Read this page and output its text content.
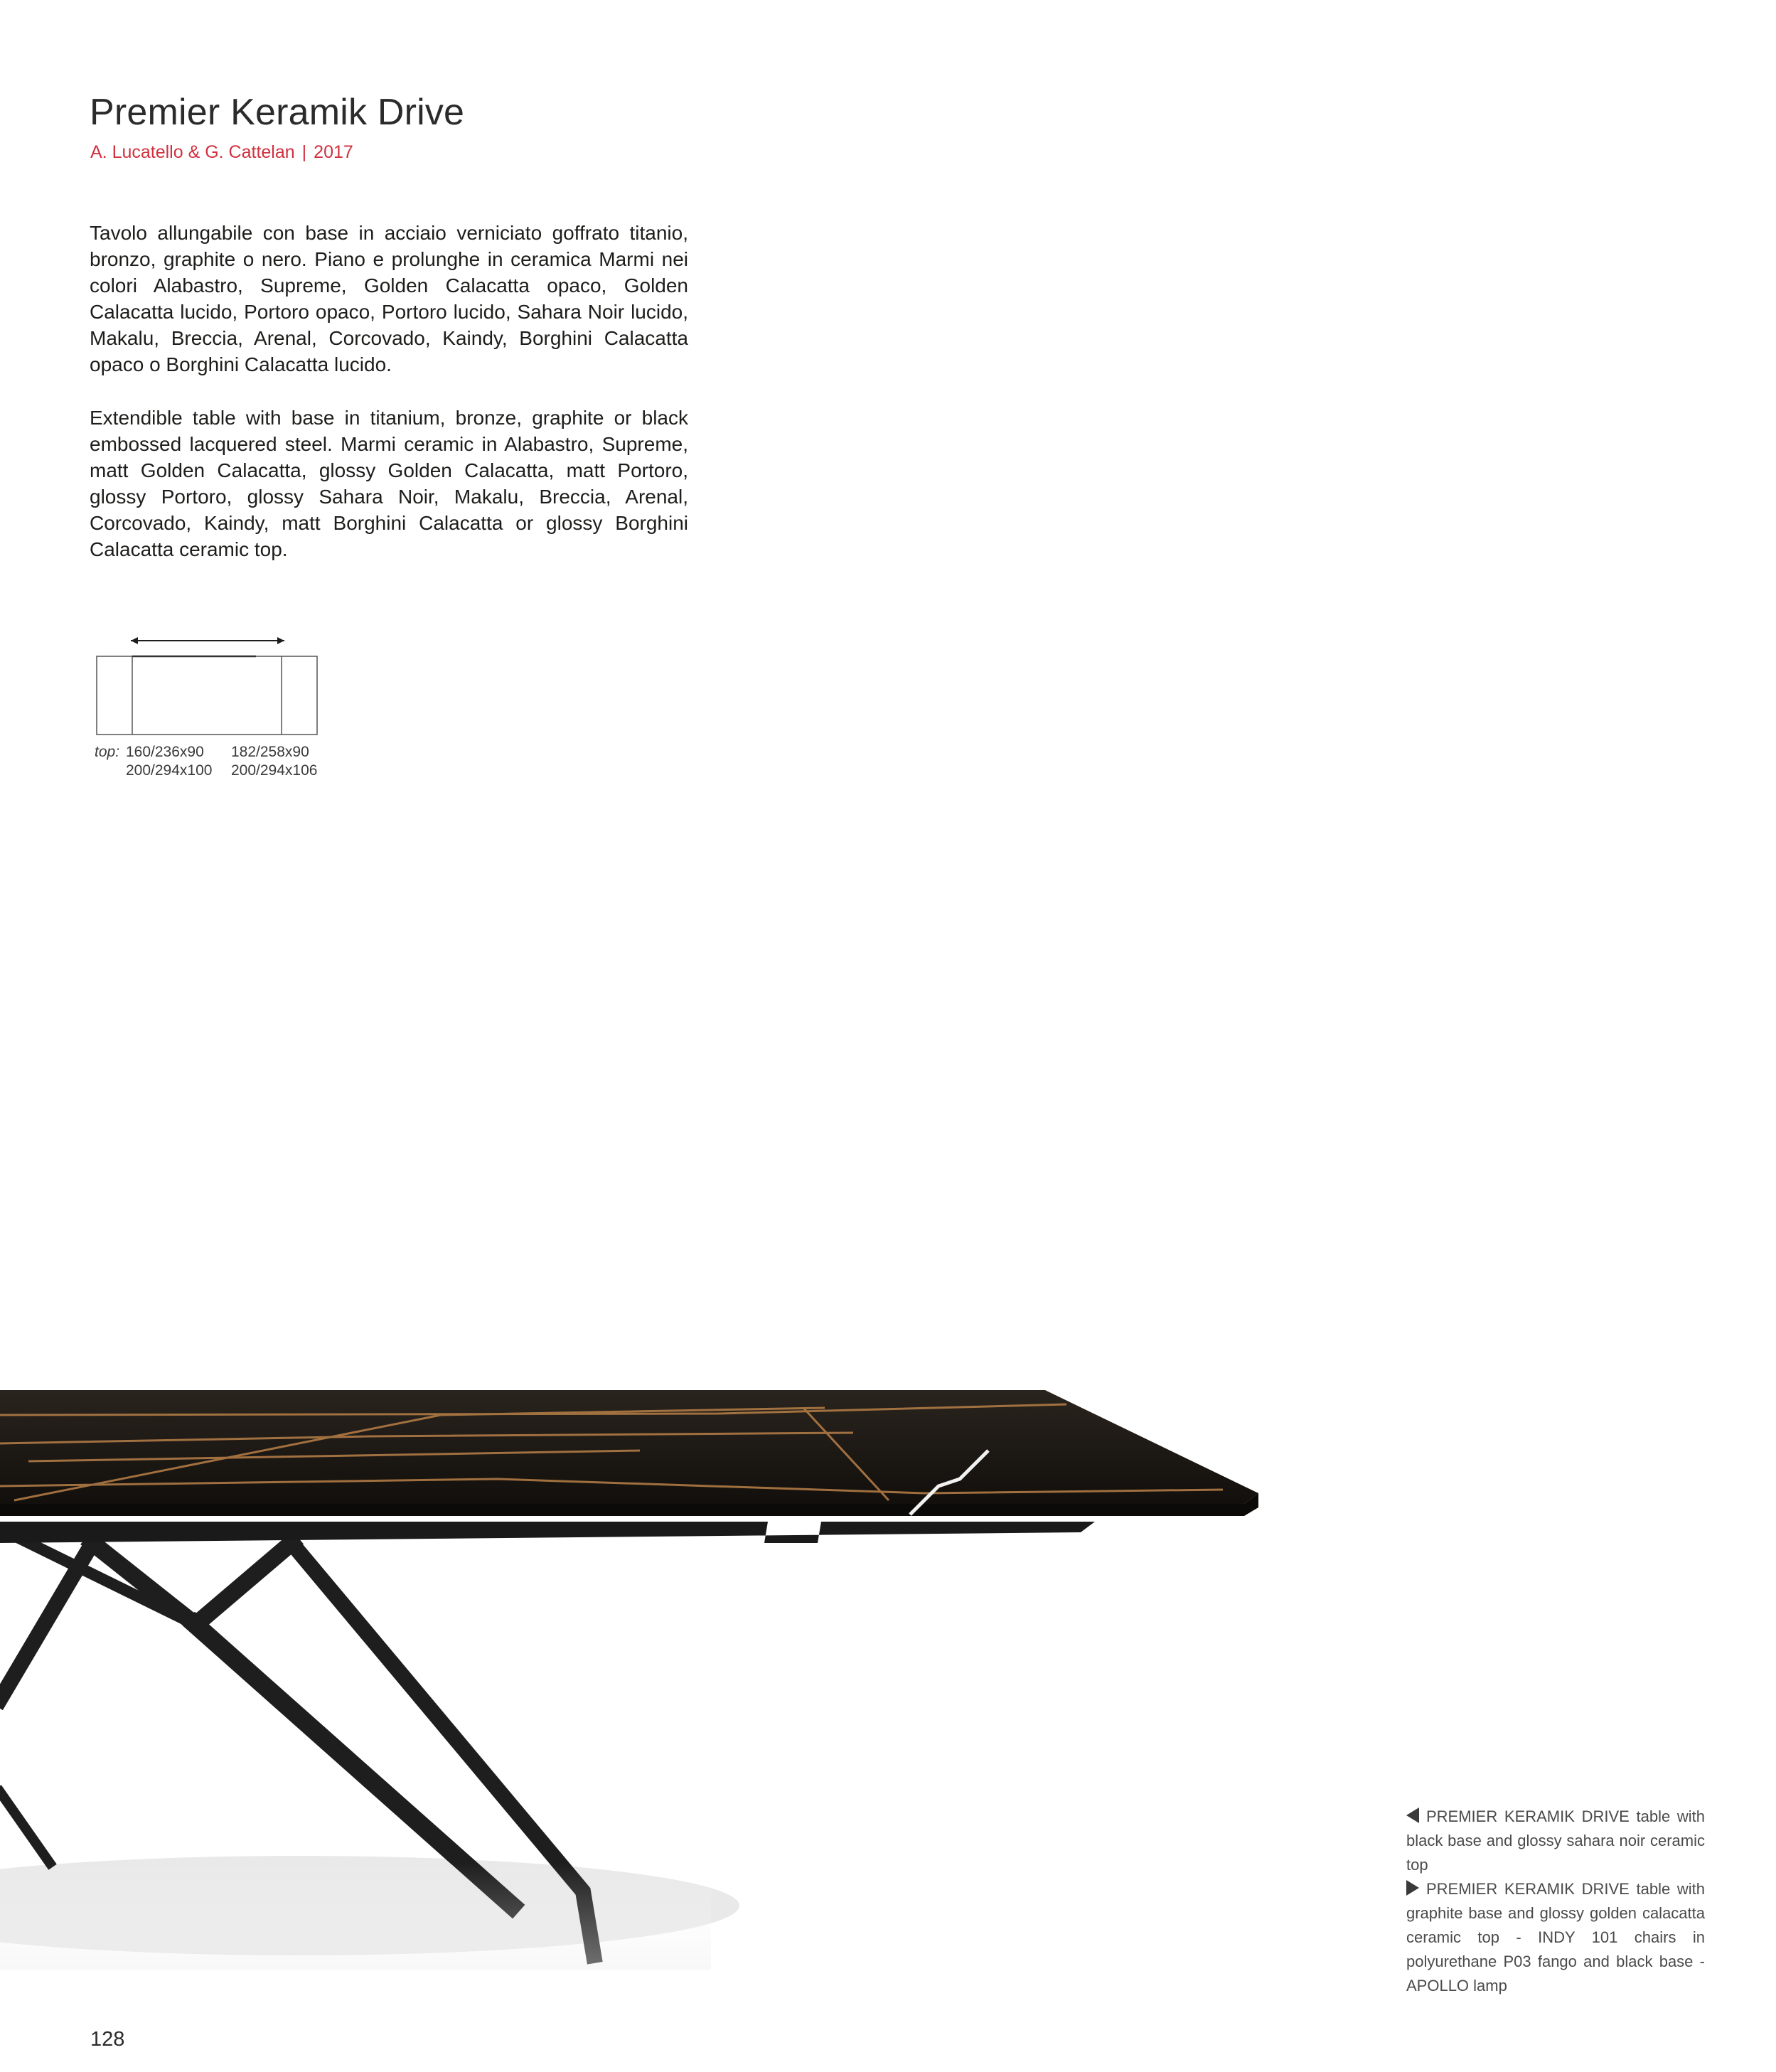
Premier Keramik Drive
A. Lucatello & G. Cattelan | 2017
Tavolo allungabile con base in acciaio verniciato goffrato titanio, bronzo, graphite o nero. Piano e prolunghe in ceramica Marmi nei colori Alabastro, Supreme, Golden Calacatta opaco, Golden Calacatta lucido, Portoro opaco, Portoro lucido, Sahara Noir lucido, Makalu, Breccia, Arenal, Corcovado, Kaindy, Borghini Calacatta opaco o Borghini Calacatta lucido.
Extendible table with base in titanium, bronze, graphite or black embossed lacquered steel. Marmi ceramic in Alabastro, Supreme, matt Golden Calacatta, glossy Golden Calacatta, matt Portoro, glossy Portoro, glossy Sahara Noir, Makalu, Breccia, Arenal, Corcovado, Kaindy, matt Borghini Calacatta or glossy Borghini Calacatta ceramic top.
top: 160/236x90	182/258x90
200/294x100	200/294x106

PREMIER KERAMIK DRIVE table with black base and glossy sahara noir ceramic top

PREMIER KERAMIK DRIVE table with graphite base and glossy golden calacatta ceramic top - INDY 101 chairs in polyurethane P03 fango and black base - APOLLO lamp

128
